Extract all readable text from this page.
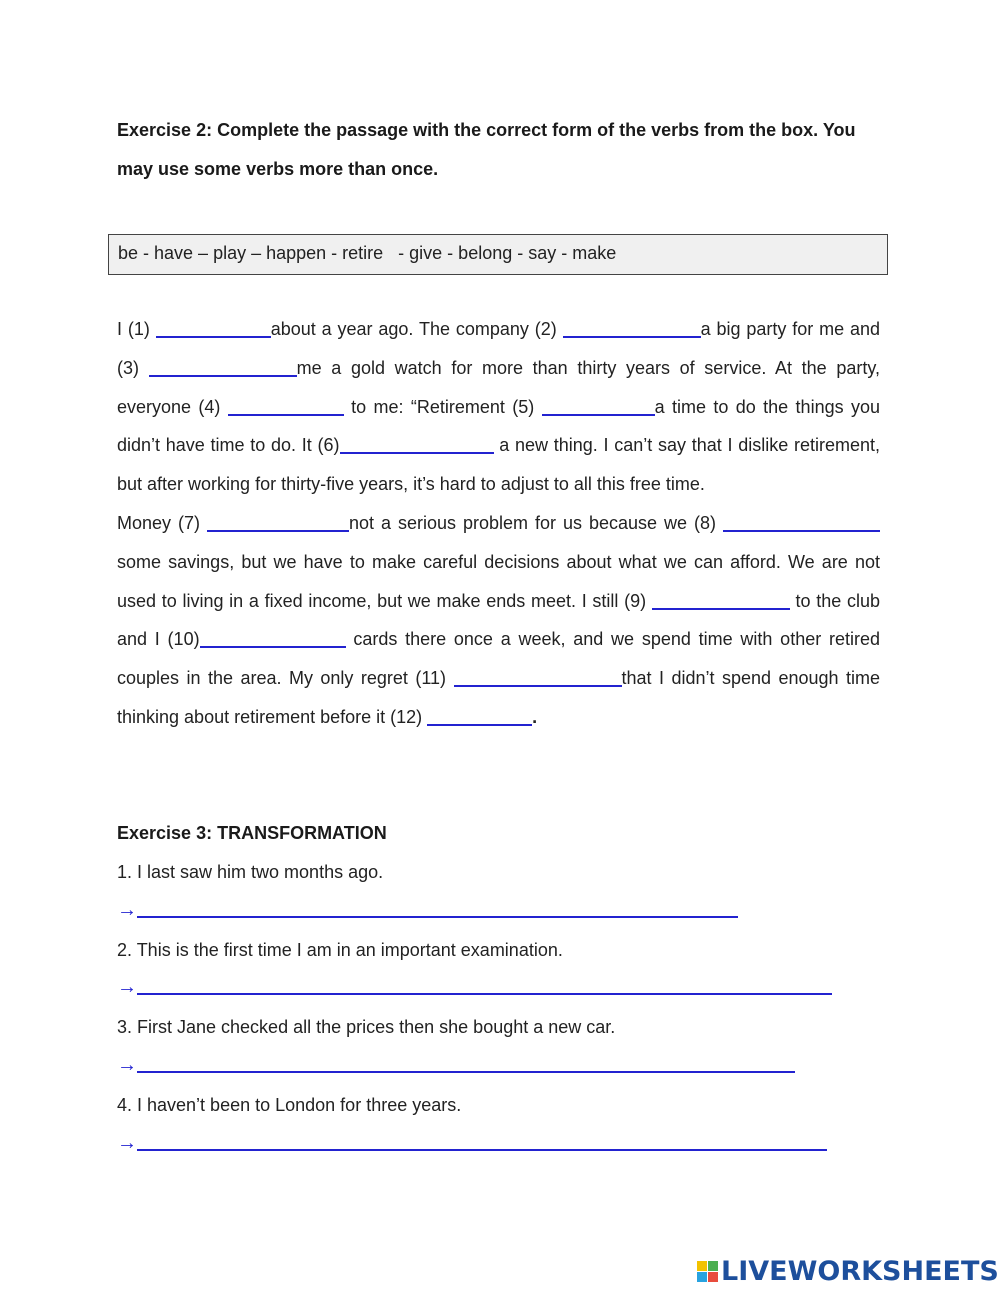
Exercise 2: Complete the passage with the correct form of the verbs from the box. You may use some verbs more than once.
be - have – play – happen - retire   - give - belong - say - make

I (1)	about a year ago. The company (2)	a big party for me and (3)	me a gold watch for more than thirty years of service. At the party, everyone (4)	to me: “Retirement (5)	a time to do the things you didn’t have time to do. It (6)	a new thing. I can’t say that I dislike retirement, but after working for thirty-five years, it’s hard to adjust to all this free time.

Money (7)	not a serious problem for us because we (8)  some savings, but we have to make careful decisions about what we can afford. We are not used to living in a fixed income, but we make ends meet. I still (9)	to the club and I (10)	cards there once a week, and we spend time with other retired couples in the area. My only regret (11)	that I didn’t spend enough time thinking about retirement before it (12)	.

Exercise 3: TRANSFORMATION
1. I last saw him two months ago.
→
2. This is the first time I am in an important examination.
→
3. First Jane checked all the prices then she bought a new car.
→
4. I haven’t been to London for three years.
→
LIVEWORKSHEETS
